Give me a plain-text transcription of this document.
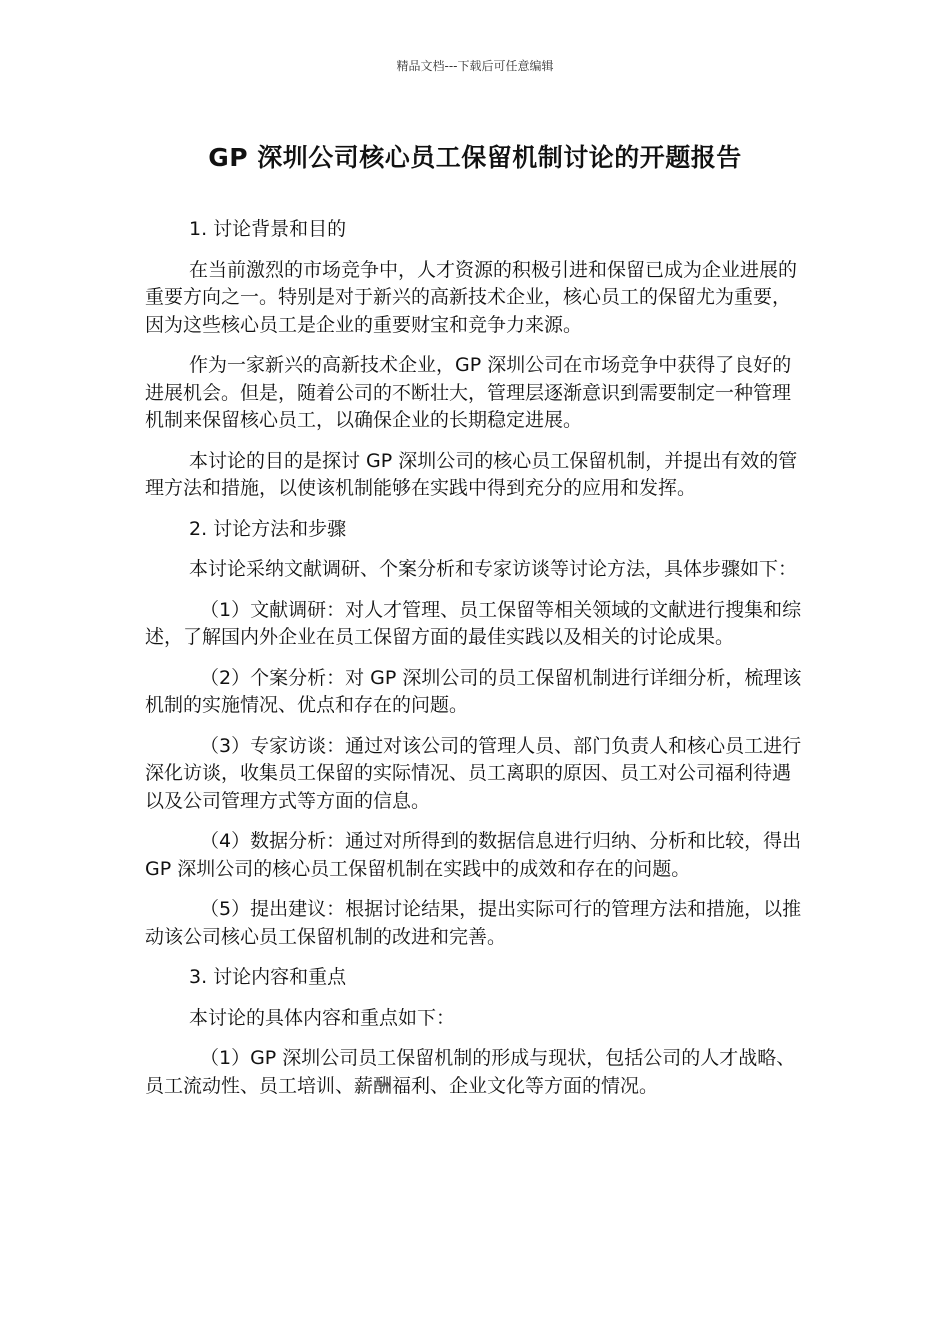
精品文档---下载后可任意编辑
GP 深圳公司核心员工保留机制讨论的开题报告

1. 讨论背景和目的

在当前激烈的市场竞争中，人才资源的积极引进和保留已成为企业进展的重要方向之一。特别是对于新兴的高新技术企业，核心员工的保留尤为重要，因为这些核心员工是企业的重要财宝和竞争力来源。

作为一家新兴的高新技术企业，GP 深圳公司在市场竞争中获得了良好的进展机会。但是，随着公司的不断壮大，管理层逐渐意识到需要制定一种管理机制来保留核心员工，以确保企业的长期稳定进展。

本讨论的目的是探讨 GP 深圳公司的核心员工保留机制，并提出有效的管理方法和措施，以使该机制能够在实践中得到充分的应用和发挥。

2. 讨论方法和步骤

本讨论采纳文献调研、个案分析和专家访谈等讨论方法，具体步骤如下：

（1）文献调研：对人才管理、员工保留等相关领域的文献进行搜集和综述，了解国内外企业在员工保留方面的最佳实践以及相关的讨论成果。

（2）个案分析：对 GP 深圳公司的员工保留机制进行详细分析，梳理该机制的实施情况、优点和存在的问题。

（3）专家访谈：通过对该公司的管理人员、部门负责人和核心员工进行深化访谈，收集员工保留的实际情况、员工离职的原因、员工对公司福利待遇以及公司管理方式等方面的信息。

（4）数据分析：通过对所得到的数据信息进行归纳、分析和比较，得出 GP 深圳公司的核心员工保留机制在实践中的成效和存在的问题。

（5）提出建议：根据讨论结果，提出实际可行的管理方法和措施，以推动该公司核心员工保留机制的改进和完善。

3. 讨论内容和重点

本讨论的具体内容和重点如下：

（1）GP 深圳公司员工保留机制的形成与现状，包括公司的人才战略、员工流动性、员工培训、薪酬福利、企业文化等方面的情况。
